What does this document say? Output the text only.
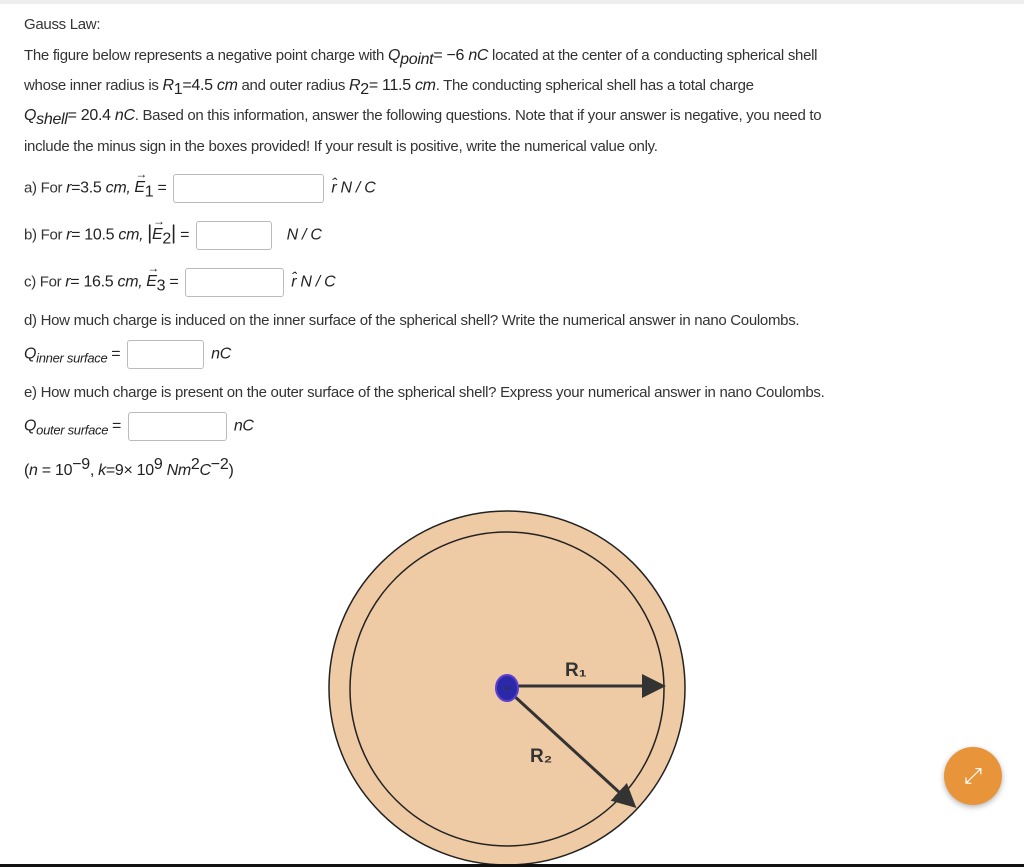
Gauss Law:
The figure below represents a negative point charge with $Q_{point}= -6$ nC located at the center of a conducting spherical shell
whose inner radius is $R_1=4.5$ cm and outer radius $R_2= 11.5$ cm. The conducting spherical shell has a total charge
$Q_{shell}= 20.4$ nC. Based on this information, answer the following questions. Note that if your answer is negative, you need to
include the minus sign in the boxes provided! If your result is positive, write the numerical value only.
a) For r=3.5 cm, → $E_1$ =	r̂ N / C
b) For r= 10.5 cm, |→ $E_2|$ =	N / C
c) For r= 16.5 cm, → $E_3$ =	r̂ N / C
d) How much charge is induced on the inner surface of the spherical shell? Write the numerical answer in nano Coulombs.
$Q_{inner surface}$ =	nC
e) How much charge is present on the outer surface of the spherical shell? Express your numerical answer in nano Coulombs.
$Q_{outer surface}$ =	nC
($n = 10^{-9}$, $k=9\times 10^9$ $Nm^2C^{-2}$)
−
R₁
R₂
⤢
